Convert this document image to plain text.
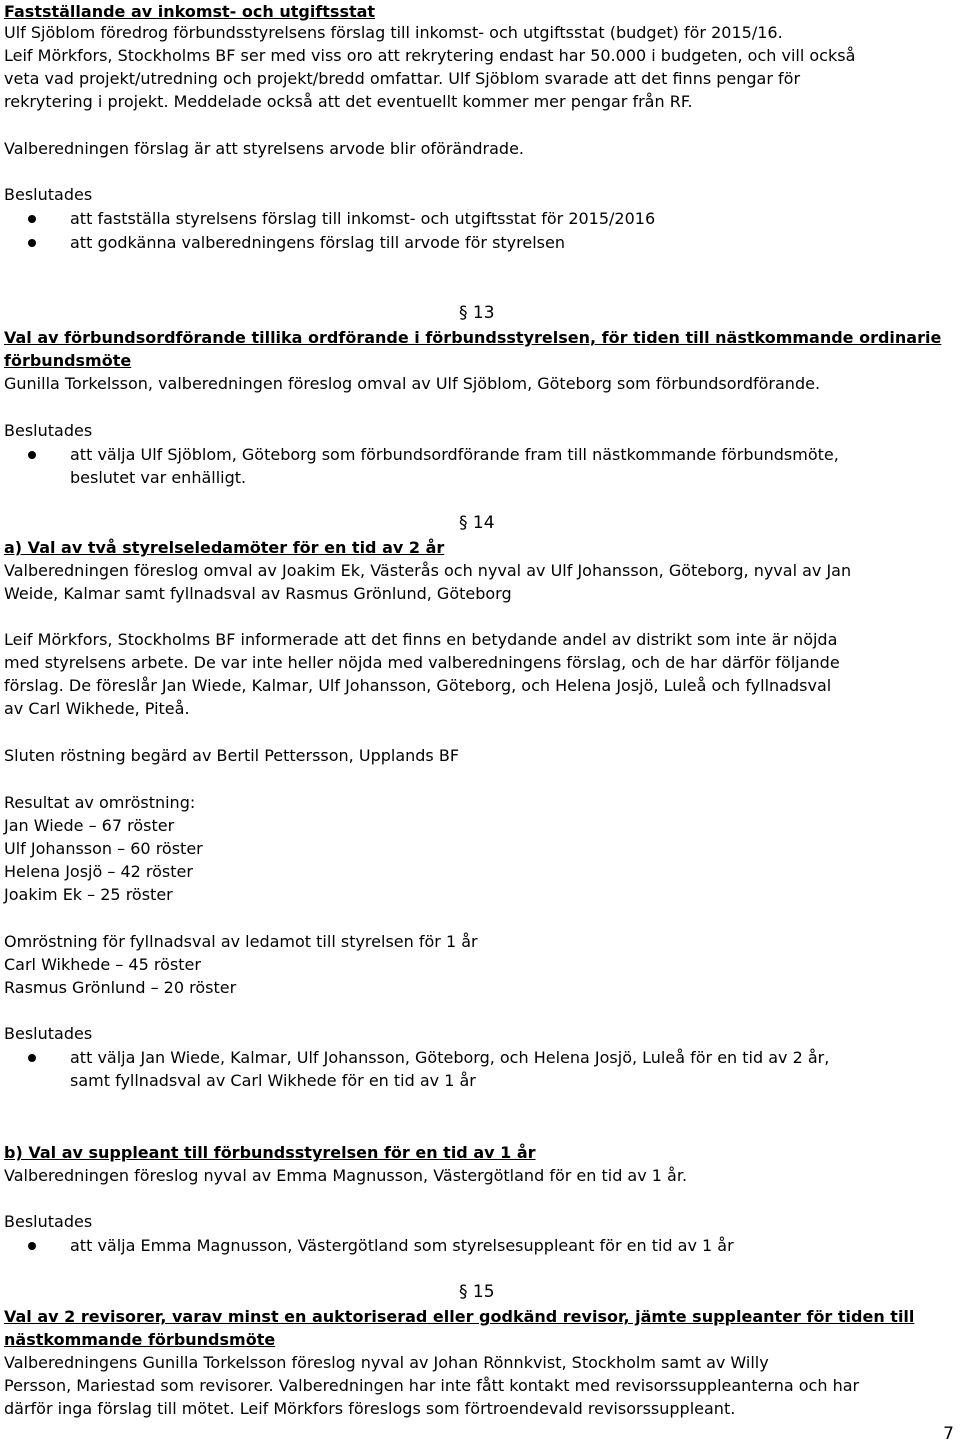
Fastställande av inkomst- och utgiftsstat
Ulf Sjöblom föredrog förbundsstyrelsens förslag till inkomst- och utgiftsstat (budget) för 2015/16.
Leif Mörkfors, Stockholms BF ser med viss oro att rekrytering endast har 50.000 i budgeten, och vill också
veta vad projekt/utredning och projekt/bredd omfattar. Ulf Sjöblom svarade att det finns pengar för
rekrytering i projekt. Meddelade också att det eventuellt kommer mer pengar från RF.
Valberedningen förslag är att styrelsens arvode blir oförändrade.
Beslutades
att fastställa styrelsens förslag till inkomst- och utgiftsstat för 2015/2016
att godkänna valberedningens förslag till arvode för styrelsen
§ 13
Val av förbundsordförande tillika ordförande i förbundsstyrelsen, för tiden till nästkommande ordinarie
förbundsmöte
Gunilla Torkelsson, valberedningen föreslog omval av Ulf Sjöblom, Göteborg som förbundsordförande.
Beslutades
att välja Ulf Sjöblom, Göteborg som förbundsordförande fram till nästkommande förbundsmöte,
beslutet var enhälligt.
§ 14
a) Val av två styrelseledamöter för en tid av 2 år
Valberedningen föreslog omval av Joakim Ek, Västerås och nyval av Ulf Johansson, Göteborg, nyval av Jan
Weide, Kalmar samt fyllnadsval av Rasmus Grönlund, Göteborg
Leif Mörkfors, Stockholms BF informerade att det finns en betydande andel av distrikt som inte är nöjda
med styrelsens arbete. De var inte heller nöjda med valberedningens förslag, och de har därför följande
förslag. De föreslår Jan Wiede, Kalmar, Ulf Johansson, Göteborg, och Helena Josjö, Luleå och fyllnadsval
av Carl Wikhede, Piteå.
Sluten röstning begärd av Bertil Pettersson, Upplands BF
Resultat av omröstning:
Jan Wiede – 67 röster
Ulf Johansson – 60 röster
Helena Josjö – 42 röster
Joakim Ek – 25 röster
Omröstning för fyllnadsval av ledamot till styrelsen för 1 år
Carl Wikhede – 45 röster
Rasmus Grönlund – 20 röster
Beslutades
att välja Jan Wiede, Kalmar, Ulf Johansson, Göteborg, och Helena Josjö, Luleå för en tid av 2 år,
samt fyllnadsval av Carl Wikhede för en tid av 1 år
b) Val av suppleant till förbundsstyrelsen för en tid av 1 år
Valberedningen föreslog nyval av Emma Magnusson, Västergötland för en tid av 1 år.
Beslutades
att välja Emma Magnusson, Västergötland som styrelsesuppleant för en tid av 1 år
§ 15
Val av 2 revisorer, varav minst en auktoriserad eller godkänd revisor, jämte suppleanter för tiden till
nästkommande förbundsmöte
Valberedningens Gunilla Torkelsson föreslog nyval av Johan Rönnkvist, Stockholm samt av Willy
Persson, Mariestad som revisorer. Valberedningen har inte fått kontakt med revisorssuppleanterna och har
därför inga förslag till mötet. Leif Mörkfors föreslogs som förtroendevald revisorssuppleant.
7
